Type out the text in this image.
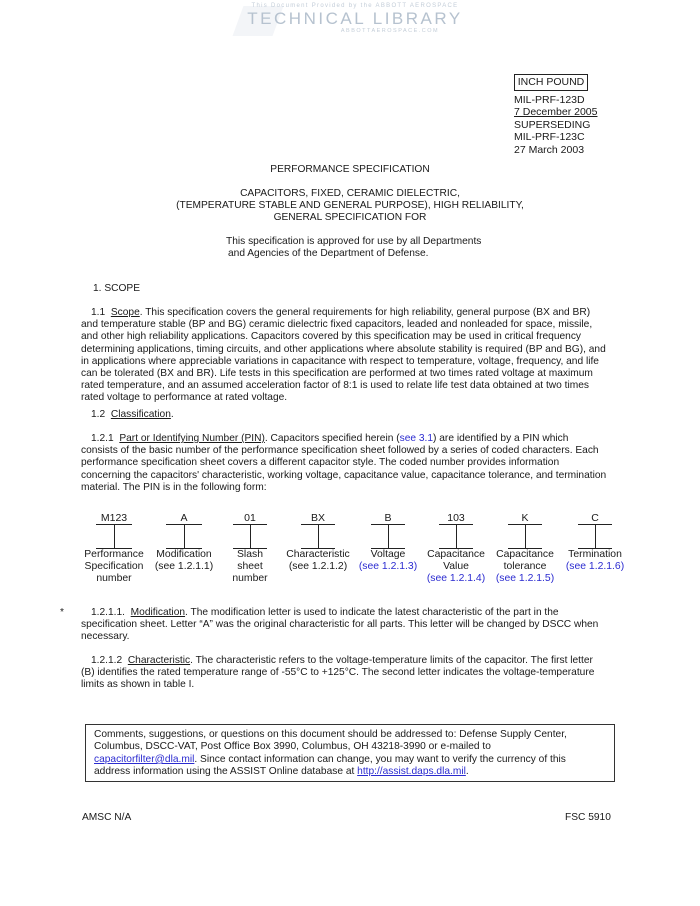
This Document Provided by the ABBOTT AEROSPACE
TECHNICAL LIBRARY
ABBOTTAEROSPACE.COM
INCH POUND
MIL-PRF-123D
7 December 2005
SUPERSEDING
MIL-PRF-123C
27 March 2003
PERFORMANCE SPECIFICATION
CAPACITORS, FIXED, CERAMIC DIELECTRIC,
(TEMPERATURE STABLE AND GENERAL PURPOSE), HIGH RELIABILITY,
GENERAL SPECIFICATION FOR
This specification is approved for use by all Departments
and Agencies of the Department of Defense.
1. SCOPE
1.1 Scope. This specification covers the general requirements for high reliability, general purpose (BX and BR)
and temperature stable (BP and BG) ceramic dielectric fixed capacitors, leaded and nonleaded for space, missile,
and other high reliability applications. Capacitors covered by this specification may be used in critical frequency
determining applications, timing circuits, and other applications where absolute stability is required (BP and BG), and
in applications where appreciable variations in capacitance with respect to temperature, voltage, frequency, and life
can be tolerated (BX and BR). Life tests in this specification are performed at two times rated voltage at maximum
rated temperature, and an assumed acceleration factor of 8:1 is used to relate life test data obtained at two times
rated voltage to performance at rated voltage.
1.2 Classification.
1.2.1 Part or Identifying Number (PIN). Capacitors specified herein (see 3.1) are identified by a PIN which
consists of the basic number of the performance specification sheet followed by a series of coded characters. Each
performance specification sheet covers a different capacitor style. The coded number provides information
concerning the capacitors' characteristic, working voltage, capacitance value, capacitance tolerance, and termination
material. The PIN is in the following form:
M123
Performance
Specification
number
A
Modification
(see 1.2.1.1)
01
Slash
sheet
number
BX
Characteristic
(see 1.2.1.2)
B
Voltage
(see 1.2.1.3)
103
Capacitance
Value
(see 1.2.1.4)
K
Capacitance
tolerance
(see 1.2.1.5)
C
Termination
(see 1.2.1.6)
*	1.2.1.1. Modification. The modification letter is used to indicate the latest characteristic of the part in the
specification sheet. Letter “A” was the original characteristic for all parts. This letter will be changed by DSCC when
necessary.
1.2.1.2 Characteristic. The characteristic refers to the voltage-temperature limits of the capacitor. The first letter
(B) identifies the rated temperature range of -55°C to +125°C. The second letter indicates the voltage-temperature
limits as shown in table I.
Comments, suggestions, or questions on this document should be addressed to: Defense Supply Center,
Columbus, DSCC-VAT, Post Office Box 3990, Columbus, OH 43218-3990 or e-mailed to
capacitorfilter@dla.mil. Since contact information can change, you may want to verify the currency of this
address information using the ASSIST Online database at http://assist.daps.dla.mil.
AMSC N/A	FSC 5910
